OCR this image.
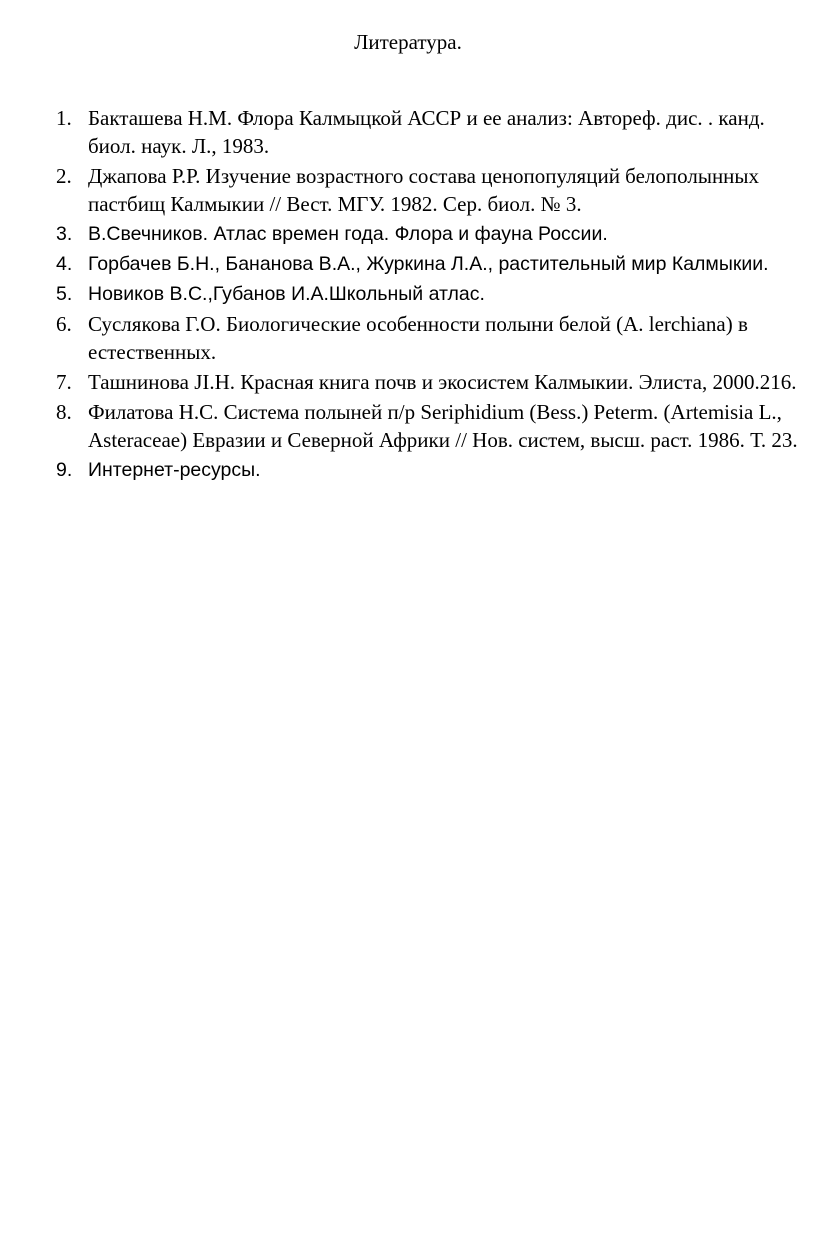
Литература.
1. Бакташева Н.М. Флора Калмыцкой АССР и ее анализ: Автореф. дис. . канд. биол. наук. Л., 1983.
2. Джапова Р.Р. Изучение возрастного состава ценопопуляций белополынных пастбищ Калмыкии // Вест. МГУ. 1982. Сер. биол. № 3.
3. В.Свечников. Атлас времен года. Флора и фауна России.
4. Горбачев Б.Н., Бананова В.А., Журкина Л.А., растительный мир Калмыкии.
5. Новиков В.С.,Губанов И.А.Школьный атлас.
6. Суслякова Г.О. Биологические особенности полыни белой (A. lerchiana) в естественных.
7. Ташнинова JI.Н. Красная книга почв и экосистем Калмыкии. Элиста, 2000.216.
8. Филатова Н.С. Система полыней п/р Seriphidium (Bess.) Peterm. (Artemisia L., Asteraceae) Евразии и Северной Африки // Нов. систем, высш. раст. 1986. Т. 23.
9. Интернет-ресурсы.
